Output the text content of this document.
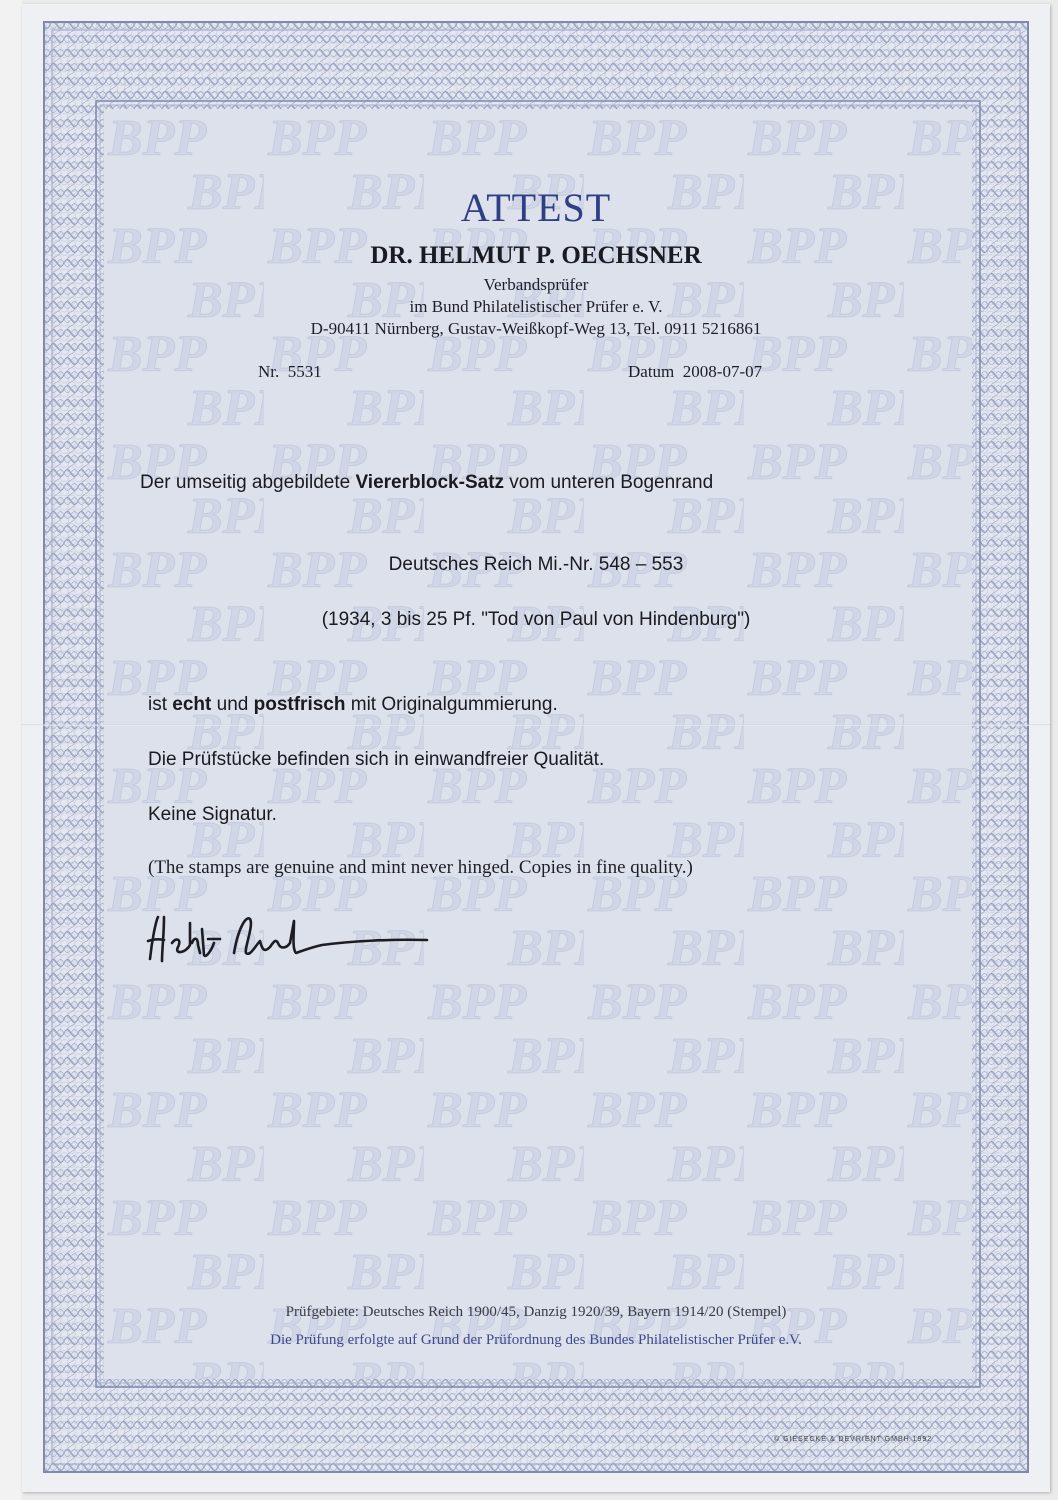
ATTEST

DR. HELMUT P. OECHSNER

Verbandsprüfer

im Bund Philatelistischer Prüfer e. V.

D-90411 Nürnberg, Gustav-Weißkopf-Weg 13, Tel. 0911 5216861

Nr. 5531	Datum 2008-07-07

Der umseitig abgebildete Viererblock-Satz vom unteren Bogenrand

Deutsches Reich Mi.-Nr. 548 – 553

(1934, 3 bis 25 Pf. "Tod von Paul von Hindenburg")

ist echt und postfrisch mit Originalgummierung.

Die Prüfstücke befinden sich in einwandfreier Qualität.

Keine Signatur.

(The stamps are genuine and mint never hinged. Copies in fine quality.)

Prüfgebiete: Deutsches Reich 1900/45, Danzig 1920/39, Bayern 1914/20 (Stempel)

Die Prüfung erfolgte auf Grund der Prüfordnung des Bundes Philatelistischer Prüfer e.V.

© GIESECKE & DEVRIENT GMBH 1992
